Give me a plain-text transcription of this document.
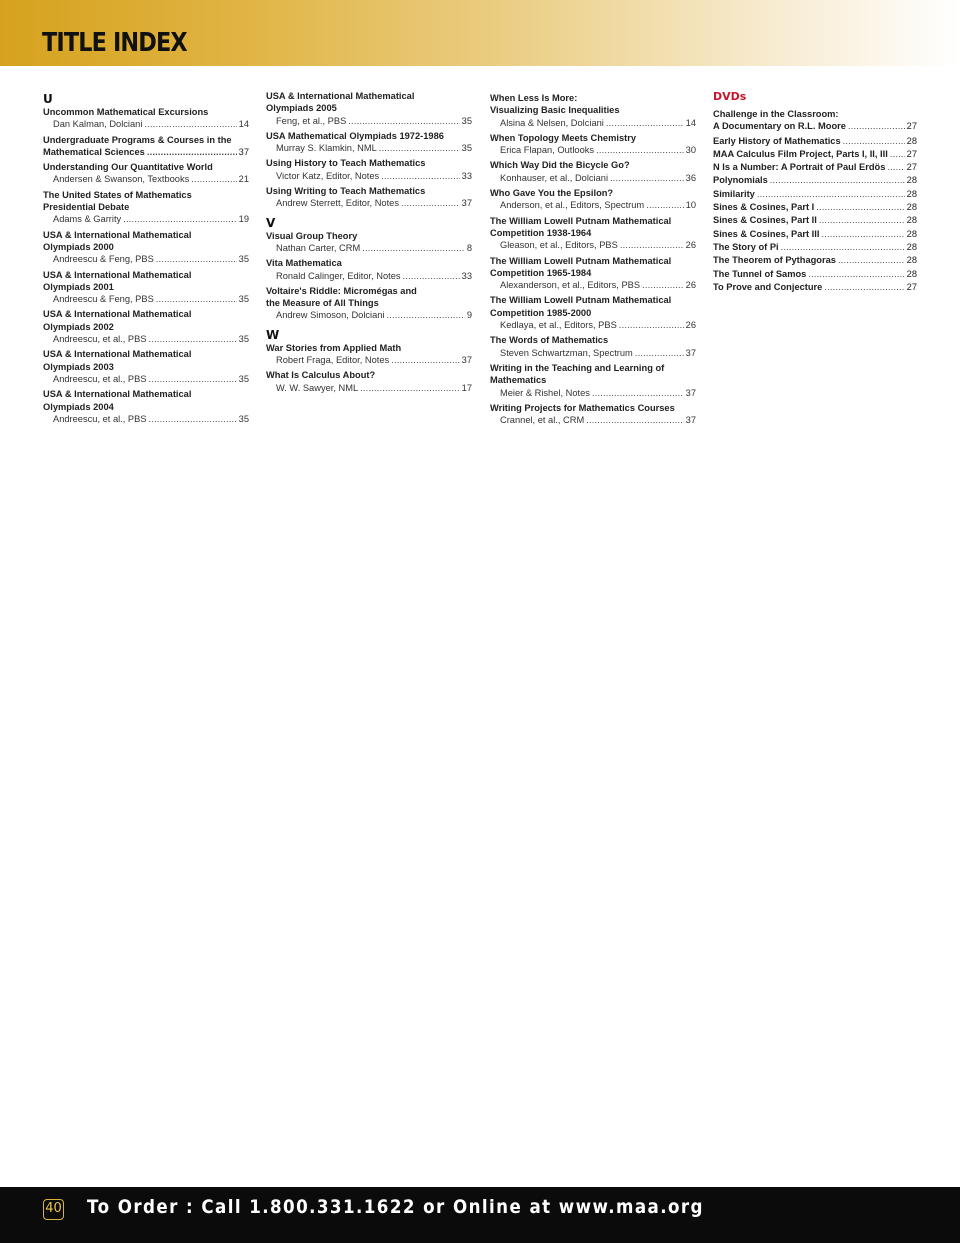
TITLE INDEX
U
Uncommon Mathematical Excursions
Dan Kalman, Dolciani . . .	14
Undergraduate Programs & Courses in the
Mathematical Sciences . . .	37
Understanding Our Quantitative World
Andersen & Swanson, Textbooks . . .	21
The United States of Mathematics
Presidential Debate
Adams & Garrity . . .	19
USA & International Mathematical
Olympiads 2000
Andreescu & Feng, PBS . . .	35
USA & International Mathematical
Olympiads 2001
Andreescu & Feng, PBS . . .	35
USA & International Mathematical
Olympiads 2002
Andreescu, et al., PBS . . .	35
USA & International Mathematical
Olympiads 2003
Andreescu, et al., PBS . . .	35
USA & International Mathematical
Olympiads 2004
Andreescu, et al., PBS . . .	35
USA & International Mathematical
Olympiads 2005
Feng, et al., PBS . . .	35
USA Mathematical Olympiads 1972-1986
Murray S. Klamkin, NML . . .	35
Using History to Teach Mathematics
Victor Katz, Editor, Notes . . .	33
Using Writing to Teach Mathematics
Andrew Sterrett, Editor, Notes . . .	37
V
Visual Group Theory
Nathan Carter, CRM . . .	8
Vita Mathematica
Ronald Calinger, Editor, Notes . . .	33
Voltaire's Riddle: Micromégas and
the Measure of All Things
Andrew Simoson, Dolciani . . .	9
W
War Stories from Applied Math
Robert Fraga, Editor, Notes . . .	37
What Is Calculus About?
W. W. Sawyer, NML . . .	17
When Less Is More:
Visualizing Basic Inequalities
Alsina & Nelsen, Dolciani . . .	14
When Topology Meets Chemistry
Erica Flapan, Outlooks . . .	30
Which Way Did the Bicycle Go?
Konhauser, et al., Dolciani . . .	36
Who Gave You the Epsilon?
Anderson, et al., Editors, Spectrum . . .	10
The William Lowell Putnam Mathematical
Competition 1938-1964
Gleason, et al., Editors, PBS . . .	26
The William Lowell Putnam Mathematical
Competition 1965-1984
Alexanderson, et al., Editors, PBS . . .	26
The William Lowell Putnam Mathematical
Competition 1985-2000
Kedlaya, et al., Editors, PBS . . .	26
The Words of Mathematics
Steven Schwartzman, Spectrum . . .	37
Writing in the Teaching and Learning of
Mathematics
Meier & Rishel, Notes . . .	37
Writing Projects for Mathematics Courses
Crannel, et al., CRM . . .	37
DVDs
Challenge in the Classroom:
A Documentary on R.L. Moore . . .	27
Early History of Mathematics . . .	28
MAA Calculus Film Project, Parts I, II, III . . . 27
N Is a Number: A Portrait of Paul Erdös . . . 27
Polynomials . . .	28
Similarity . . .	28
Sines & Cosines, Part I . . .	28
Sines & Cosines, Part II . . .	28
Sines & Cosines, Part III . . .	28
The Story of Pi . . .	28
The Theorem of Pythagoras . . .	28
The Tunnel of Samos . . .	28
To Prove and Conjecture . . .	27
40 To Order : Call 1.800.331.1622 or Online at www.maa.org
